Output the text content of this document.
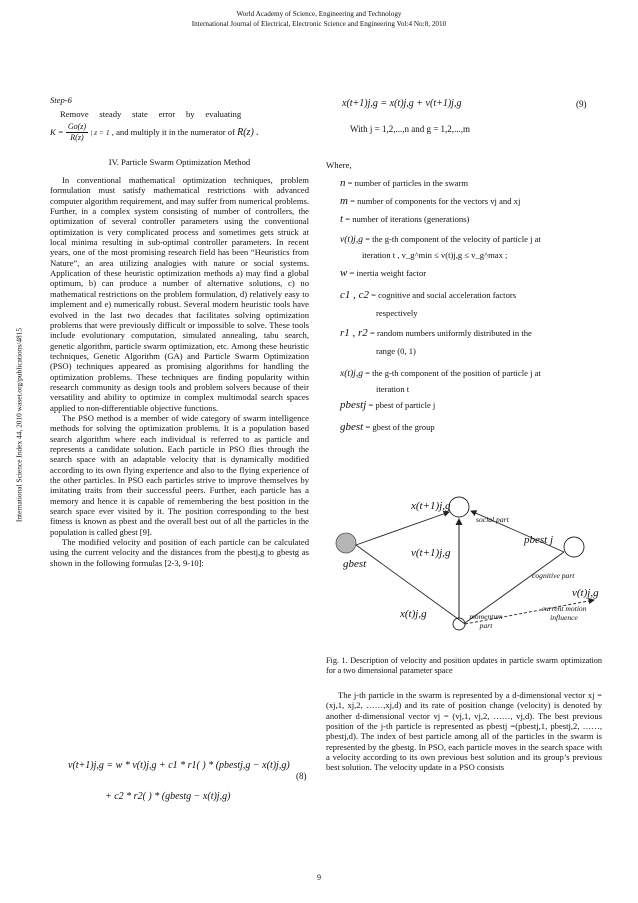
World Academy of Science, Engineering and Technology
International Journal of Electrical, Electronic Science and Engineering Vol:4 No:8, 2010
International Science Index 44, 2010 waset.org/publications/4815
Step-6
Remove     steady     state     error     by     evaluating
$K = \frac{Go(z)}{R(z)}$ | z = 1 , and multiply it in the numerator of R(z) .
IV. Particle Swarm Optimization Method

In conventional mathematical optimization techniques, problem formulation must satisfy mathematical restrictions with advanced computer algorithm requirement, and may suffer from numerical problems. Further, in a complex system consisting of number of controllers, the optimization of several controller parameters using the conventional optimization is very complicated process and sometimes gets struck at local minima resulting in sub-optimal controller parameters. In recent years, one of the most promising research field has been “Heuristics from Nature”, an area utilizing analogies with nature or social systems. Application of these heuristic optimization methods a) may find a global optimum, b) can produce a number of alternative solutions, c) no mathematical restrictions on the problem formulation, d) relatively easy to implement and e) numerically robust. Several modern heuristic tools have evolved in the last two decades that facilitates solving optimization problems that were previously difficult or impossible to solve. These tools include evolutionary computation, simulated annealing, tabu search, genetic algorithm, particle swarm optimization, etc. Among these heuristic techniques, Genetic Algorithm (GA) and Particle Swarm Optimization (PSO) techniques appeared as promising algorithms for handling the optimization problems. These techniques are finding popularity within research community as design tools and problem solvers because of their versatility and ability to optimize in complex multimodal search spaces applied to non-differentiable objective functions.

The PSO method is a member of wide category of swarm intelligence methods for solving the optimization problems. It is a population based search algorithm where each individual is referred to as particle and represents a candidate solution. Each particle in PSO flies through the search space with an adaptable velocity that is dynamically modified according to its own flying experience and also to the flying experience of the other particles. In PSO each particles strive to improve themselves by imitating traits from their successful peers. Further, each particle has a memory and hence it is capable of remembering the best position in the search space ever visited by it. The position corresponding to the best fitness is known as pbest and the overall best out of all the particles in the population is called gbest [9].

The modified velocity and position of each particle can be calculated using the current velocity and the distances from the pbestj,g to gbestg as shown in the following formulas [2-3, 9-10]:

v(t+1)j,g = w * v(t)j,g + c1 * r1( ) * (pbestj,g − x(t)j,g)
(8)
+ c2 * r2( ) * (gbestg − x(t)j,g)
x(t+1)j,g = x(t)j,g + v(t+1)j,g	(9)
With j = 1,2,...,n and g = 1,2,...,m
Where,
n = number of particles in the swarm
m = number of components for the vectors vj and xj
t = number of iterations (generations)
v(t)j,g = the g-th component of the velocity of particle j at
iteration t , v_g^min ≤ v(t)j,g ≤ v_g^max ;
w = inertia weight factor
c1 , c2 = cognitive and social acceleration factors
respectively
r1 , r2 = random numbers uniformly distributed in the
range (0, 1)
x(t)j,g = the g-th component of the position of particle j at
iteration t
pbestj = pbest of particle j
gbest = gbest of the group
x(t+1)j,g
social part
pbest j
v(t+1)j,g
gbest
cognitive part
v(t)j,g
current motion influence
x(t)j,g	momentum part
Fig. 1. Description of velocity and position updates in particle swarm optimization for a two dimensional parameter space

The j-th particle in the swarm is represented by a d-dimensional vector xj = (xj,1, xj,2, ……,xj,d) and its rate of position change (velocity) is denoted by another d-dimensional vector vj = (vj,1, vj,2, ……, vj,d). The best previous position of the j-th particle is represented as pbestj =(pbestj,1, pbestj,2, ……, pbestj,d). The index of best particle among all of the particles in the swarm is represented by the gbestg. In PSO, each particle moves in the search space with a velocity according to its own previous best solution and its group’s previous best solution. The velocity update in a PSO consists

9
